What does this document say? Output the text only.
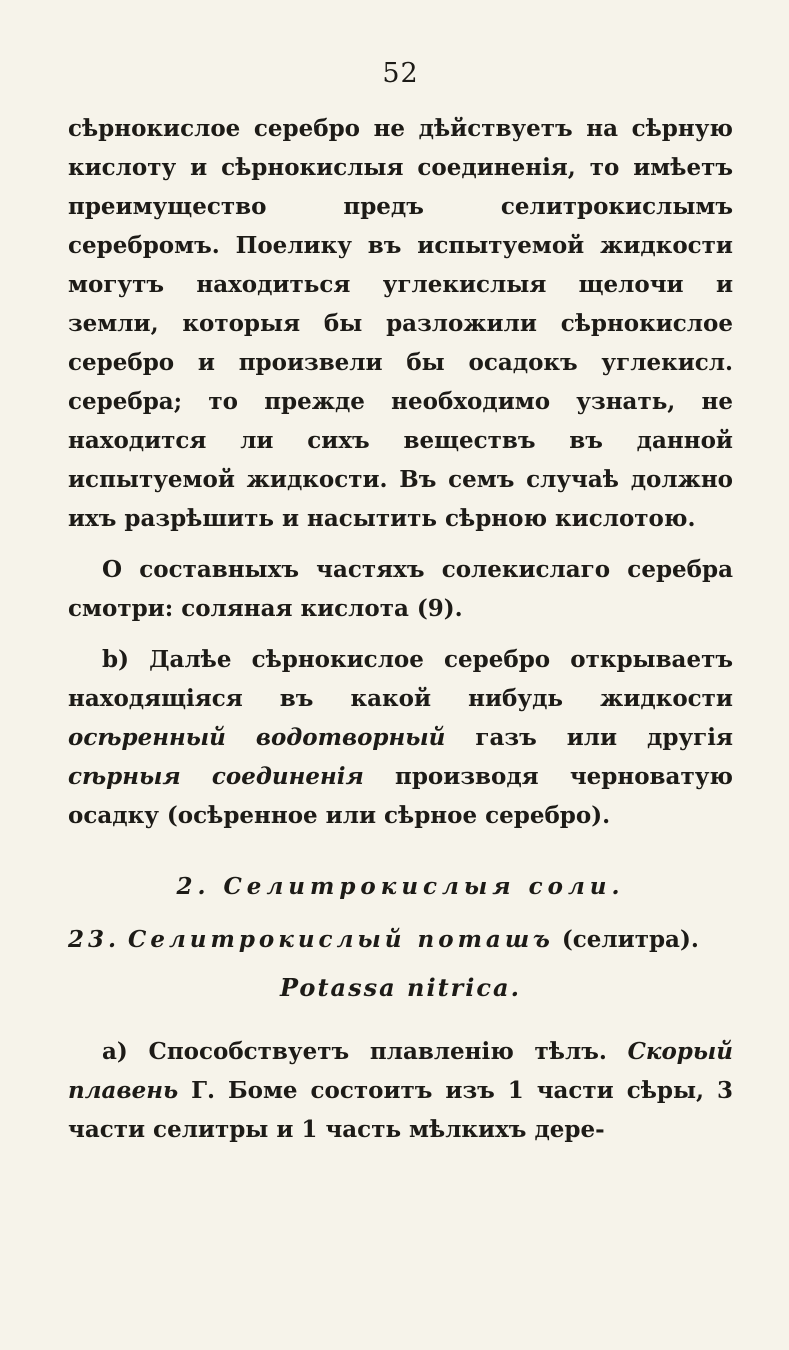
52

сѣрнокислое серебро не дѣйствуетъ на сѣрную кислоту и сѣрнокислыя соединенія, то имѣетъ преимущество предъ селитрокислымъ серебромъ. Поелику въ испытуемой жидкости могутъ находиться углекислыя щелочи и земли, которыя бы разложили сѣрнокислое серебро и произвели бы осадокъ углекисл. серебра; то прежде необходимо узнать, не находится ли сихъ веществъ въ данной испытуемой жидкости. Въ семъ случаѣ должно ихъ разрѣшить и насытить сѣрною кислотою.

О составныхъ частяхъ солекислаго серебра смотри: соляная кислота (9).

b) Далѣе сѣрнокислое серебро открываетъ находящіяся въ какой нибудь жидкости осѣренный водотворный газъ или другія сѣрныя соединенія производя черноватую осадку (осѣренное или сѣрное серебро).

2. Селитрокислыя соли.
23. Селитрокислый поташъ (селитра).
Potassa nitrica.

a) Способствуетъ плавленію тѣлъ. Скорый плавень Г. Боме состоитъ изъ 1 части сѣры, 3 части селитры и 1 часть мѣлкихъ дере-
